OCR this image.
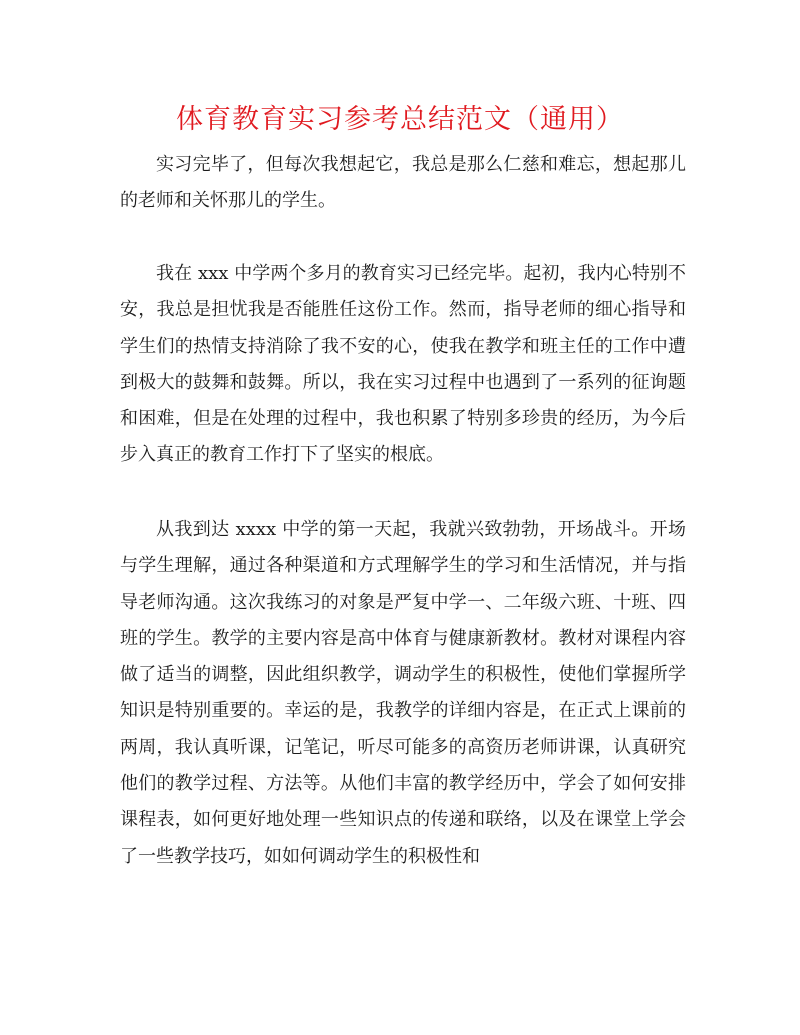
体育教育实习参考总结范文（通用）

实习完毕了，但每次我想起它，我总是那么仁慈和难忘，想起那儿的老师和关怀那儿的学生。

我在 xxx 中学两个多月的教育实习已经完毕。起初，我内心特别不安，我总是担忧我是否能胜任这份工作。然而，指导老师的细心指导和学生们的热情支持消除了我不安的心，使我在教学和班主任的工作中遭到极大的鼓舞和鼓舞。所以，我在实习过程中也遇到了一系列的征询题和困难，但是在处理的过程中，我也积累了特别多珍贵的经历，为今后步入真正的教育工作打下了坚实的根底。

从我到达 xxxx 中学的第一天起，我就兴致勃勃，开场战斗。开场与学生理解，通过各种渠道和方式理解学生的学习和生活情况，并与指导老师沟通。这次我练习的对象是严复中学一、二年级六班、十班、四班的学生。教学的主要内容是高中体育与健康新教材。教材对课程内容做了适当的调整，因此组织教学，调动学生的积极性，使他们掌握所学知识是特别重要的。幸运的是，我教学的详细内容是，在正式上课前的两周，我认真听课，记笔记，听尽可能多的高资历老师讲课，认真研究他们的教学过程、方法等。从他们丰富的教学经历中，学会了如何安排课程表，如何更好地处理一些知识点的传递和联络，以及在课堂上学会了一些教学技巧，如如何调动学生的积极性和
